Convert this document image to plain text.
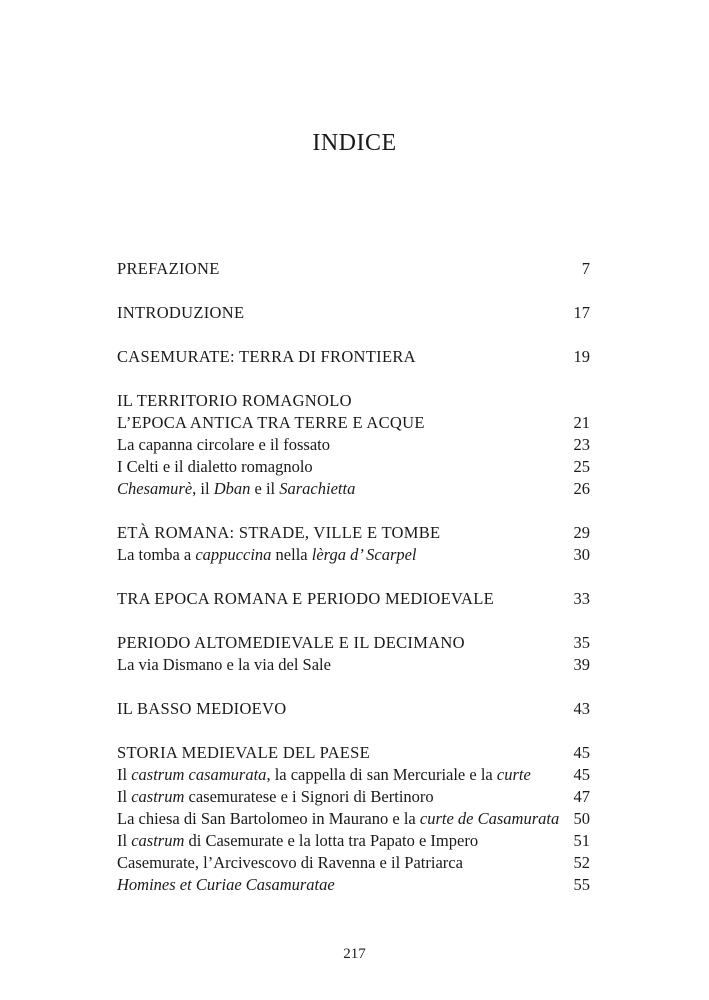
INDICE
PREFAZIONE	7
INTRODUZIONE	17
CASEMURATE: TERRA DI FRONTIERA	19
IL TERRITORIO ROMAGNOLO
L’EPOCA ANTICA TRA TERRE E ACQUE	21
La capanna circolare e il fossato	23
I Celti e il dialetto romagnolo	25
Chesamurè, il Dban e il Sarachietta	26
ETÀ ROMANA: STRADE, VILLE E TOMBE	29
La tomba a cappuccina nella lèrga d’ Scarpel	30
TRA EPOCA ROMANA E PERIODO MEDIOEVALE	33
PERIODO ALTOMEDIEVALE E IL DECIMANO	35
La via Dismano e la via del Sale	39
IL BASSO MEDIOEVO	43
STORIA MEDIEVALE DEL PAESE	45
Il castrum casamurata, la cappella di san Mercuriale e la curte	45
Il castrum casemuratese e i Signori di Bertinoro	47
La chiesa di San Bartolomeo in Maurano e la curte de Casamurata 50
Il castrum di Casemurate e la lotta tra Papato e Impero	51
Casemurate, l’Arcivescovo di Ravenna e il Patriarca	52
Homines et Curiae Casamuratae	55
217
